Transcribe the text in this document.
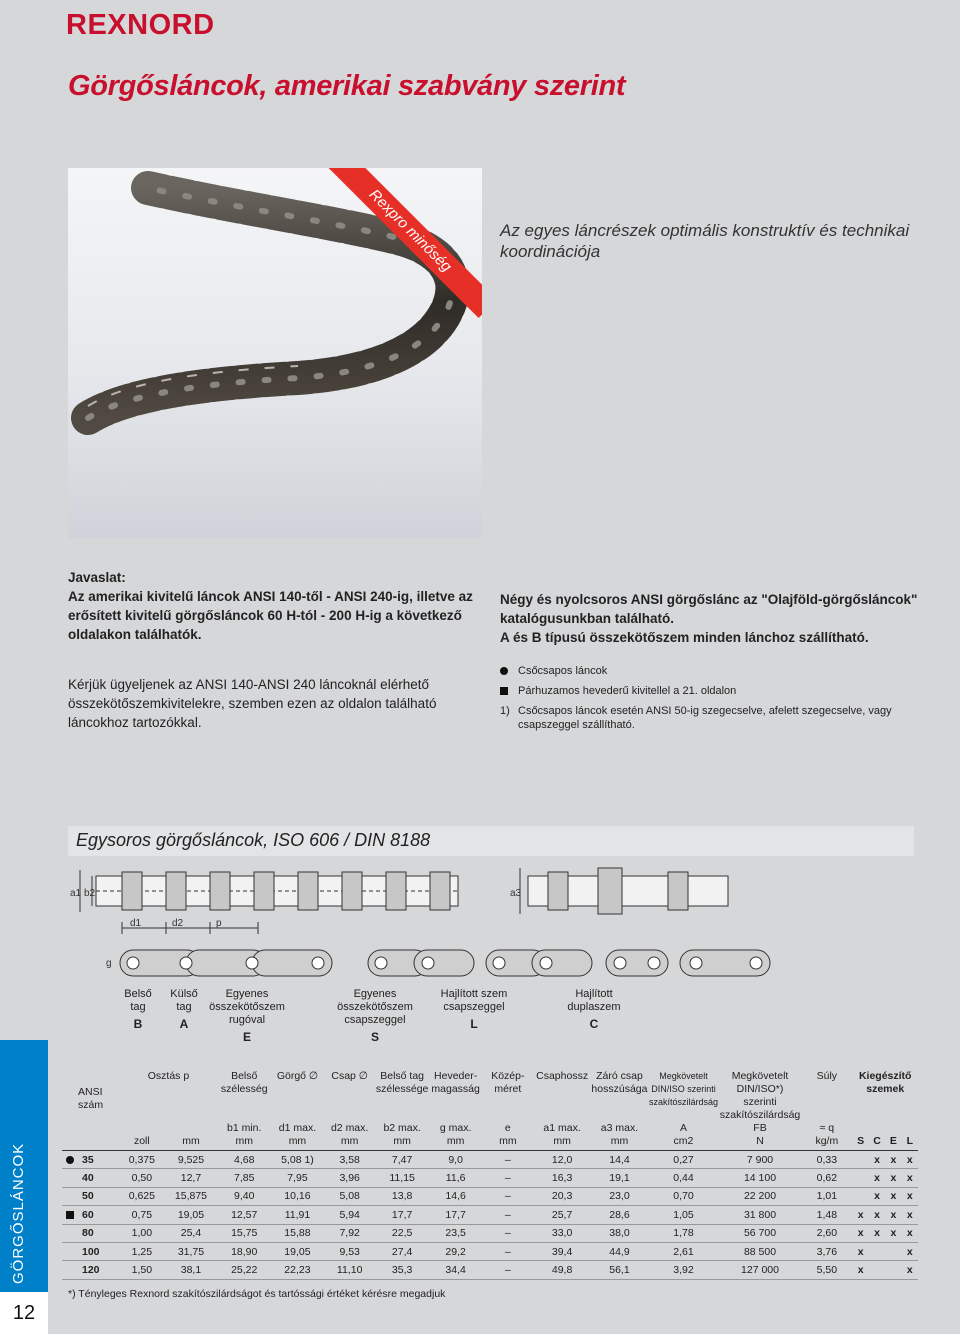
REXNORD
Görgősláncok, amerikai szabvány szerint
Rexpro minőség	Az egyes láncrészek optimális konstruktív és technikai koordinációja

Javaslat:

Az amerikai kivitelű láncok ANSI 140-től - ANSI 240-ig, illetve az erősített kivitelű görgősláncok 60 H-tól - 200 H-ig a következő oldalakon találhatók.

Kérjük ügyeljenek az ANSI 140-ANSI 240 láncoknál elérhető összekötőszemkivitelekre, szemben ezen az oldalon található láncokhoz tartozókkal.

Négy és nyolcsoros ANSI görgőslánc az "Olajföld-görgősláncok" katalógusunkban található.

A és B típusú összekötőszem minden lánchoz szállítható.

Csőcsapos láncok
Párhuzamos hevederű kivitellel a 21. oldalon
1) Csőcsapos láncok esetén ANSI 50-ig szegecselve, afelett szegecselve, vagy csapszeggel szállítható.
Egysoros görgősláncok, ISO 606 / DIN 8188
a1 b2	a3
d1	d2	p
g
Belső tag
B
Külső tag
A
Egyenes összekötőszem rugóval
E
Egyenes összekötőszem csapszeggel
S
Hajlított szem csapszeggel
L
Hajlított duplaszem
C
GÖRGŐSLÁNCOK
12
ANSI szám	Osztás p		Belső szélesség	Görgő ∅	Csap ∅	Belső tag szélessége	Heveder-magasság	Közép-méret	Csaphossz	Záró csap hosszúsága	Megkövetelt DIN/ISO szerinti szakítószilárdság	Megkövetelt DIN/ISO*) szerinti szakítószilárdság	Súly	Kiegészítő szemek			
			b1 min.	d1 max.	d2 max.	b2 max.	g max.	e	a1 max.	a3 max.	A	FB	≈ q				
	zoll	mm	mm	mm	mm	mm	mm	mm	mm	mm	cm2	N	kg/m	S	C	E	L

35	0,375	9,525	4,68	5,08 1)	3,58	7,47	9,0	–	12,0	14,4	0,27	7 900	0,33		x	x	x
40	0,50	12,7	7,85	7,95	3,96	11,15	11,6	–	16,3	19,1	0,44	14 100	0,62		x	x	x
50	0,625	15,875	9,40	10,16	5,08	13,8	14,6	–	20,3	23,0	0,70	22 200	1,01		x	x	x

60	0,75	19,05	12,57	11,91	5,94	17,7	17,7	–	25,7	28,6	1,05	31 800	1,48	x	x	x	x
80	1,00	25,4	15,75	15,88	7,92	22,5	23,5	–	33,0	38,0	1,78	56 700	2,60	x	x	x	x
100	1,25	31,75	18,90	19,05	9,53	27,4	29,2	–	39,4	44,9	2,61	88 500	3,76	x			x
120	1,50	38,1	25,22	22,23	11,10	35,3	34,4	–	49,8	56,1	3,92	127 000	5,50	x			x
*) Tényleges Rexnord szakítószilárdságot és tartóssági értéket kérésre megadjuk
